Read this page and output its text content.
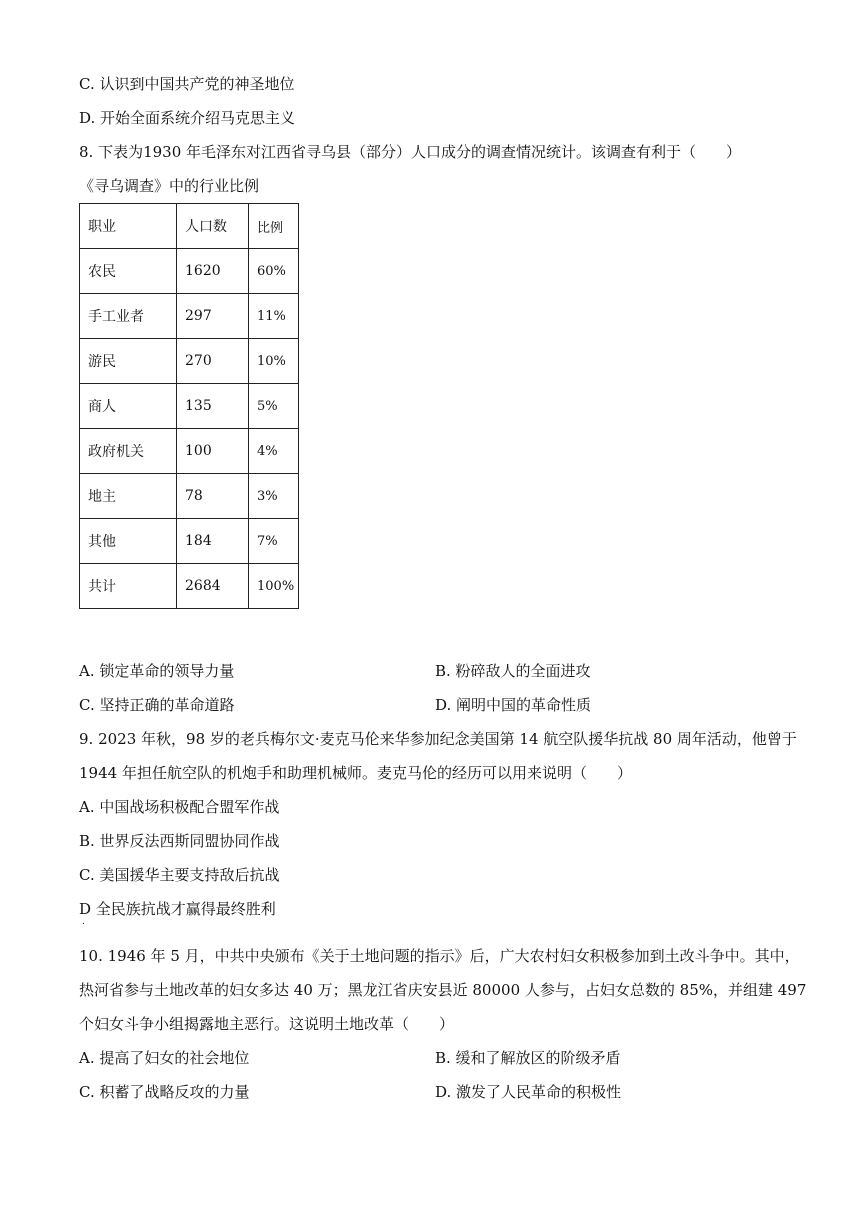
C. 认识到中国共产党的神圣地位
D. 开始全面系统介绍马克思主义
8. 下表为1930 年毛泽东对江西省寻乌县（部分）人口成分的调查情况统计。该调查有利于（　　）
《寻乌调查》中的行业比例
职业	人口数	比例
农民	1620	60%
手工业者	297	11%
游民	270	10%
商人	135	5%
政府机关	100	4%
地主	78	3%
其他	184	7%
共计	2684	100%
A. 锁定革命的领导力量	B. 粉碎敌人的全面进攻
C. 坚持正确的革命道路	D. 阐明中国的革命性质
9. 2023 年秋，98 岁的老兵梅尔文·麦克马伦来华参加纪念美国第 14 航空队援华抗战 80 周年活动，他曾于
1944 年担任航空队的机炮手和助理机械师。麦克马伦的经历可以用来说明（　　）
A. 中国战场积极配合盟军作战
B. 世界反法西斯同盟协同作战
C. 美国援华主要支持敌后抗战
D 全民族抗战才赢得最终胜利
.
10. 1946 年 5 月，中共中央颁布《关于土地问题的指示》后，广大农村妇女积极参加到土改斗争中。其中，
热河省参与土地改革的妇女多达 40 万；黑龙江省庆安县近 80000 人参与，占妇女总数的 85%，并组建 497
个妇女斗争小组揭露地主恶行。这说明土地改革（　　）
A. 提高了妇女的社会地位	B. 缓和了解放区的阶级矛盾
C. 积蓄了战略反攻的力量	D. 激发了人民革命的积极性
